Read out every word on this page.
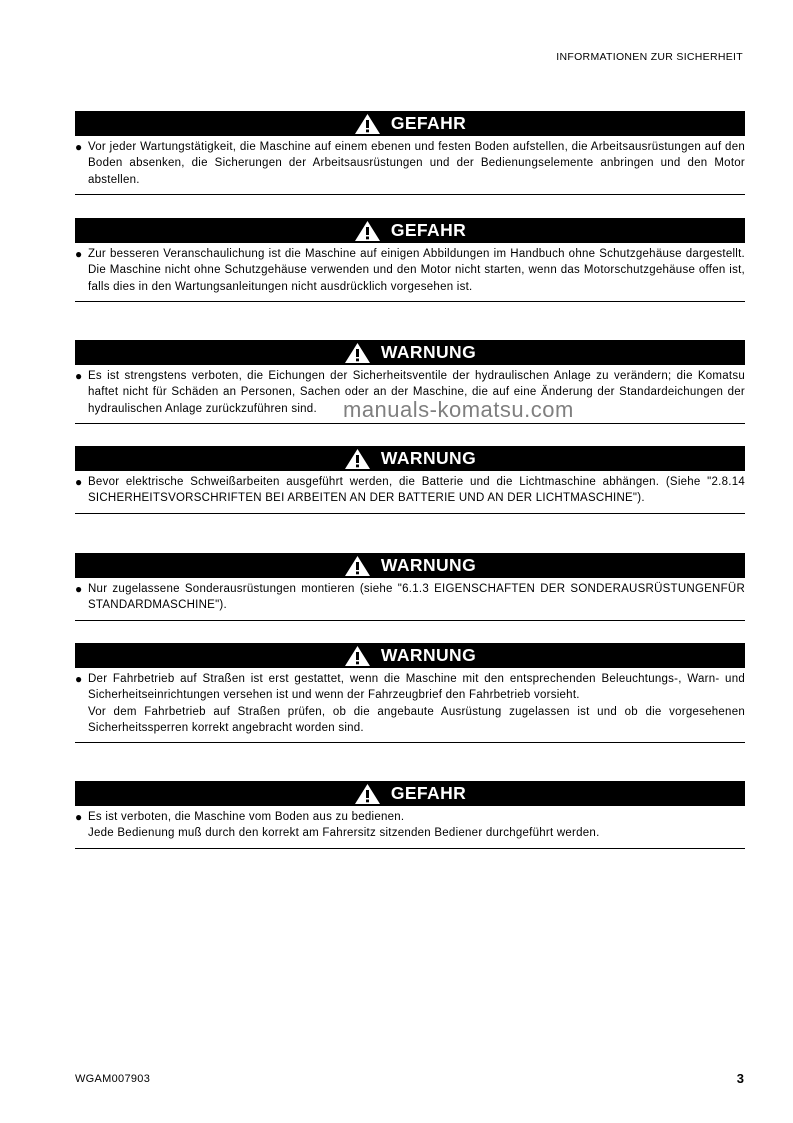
INFORMATIONEN ZUR SICHERHEIT
GEFAHR
● Vor jeder Wartungstätigkeit, die Maschine auf einem ebenen und festen Boden aufstellen, die Arbeitsausrüstungen auf den Boden absenken, die Sicherungen der Arbeitsausrüstungen und der Bedienungselemente anbringen und den Motor abstellen.

GEFAHR
● Zur besseren Veranschaulichung ist die Maschine auf einigen Abbildungen im Handbuch ohne Schutzgehäuse dargestellt. Die Maschine nicht ohne Schutzgehäuse verwenden und den Motor nicht starten, wenn das Motorschutzgehäuse offen ist, falls dies in den Wartungsanleitungen nicht ausdrücklich vorgesehen ist.

WARNUNG
● Es ist strengstens verboten, die Eichungen der Sicherheitsventile der hydraulischen Anlage zu verändern; die Komatsu haftet nicht für Schäden an Personen, Sachen oder an der Maschine, die auf eine Änderung der Standardeichungen der hydraulischen Anlage zurückzuführen sind.

WARNUNG
● Bevor elektrische Schweißarbeiten ausgeführt werden, die Batterie und die Lichtmaschine abhängen. (Siehe "2.8.14 SICHERHEITSVORSCHRIFTEN BEI ARBEITEN AN DER BATTERIE UND AN DER LICHTMASCHINE").

WARNUNG
● Nur zugelassene Sonderausrüstungen montieren (siehe "6.1.3 EIGENSCHAFTEN DER SONDERAUSRÜSTUNGENFÜR STANDARDMASCHINE").

WARNUNG
● Der Fahrbetrieb auf Straßen ist erst gestattet, wenn die Maschine mit den entsprechenden Beleuchtungs-, Warn- und Sicherheitseinrichtungen versehen ist und wenn der Fahrzeugbrief den Fahrbetrieb vorsieht.

Vor dem Fahrbetrieb auf Straßen prüfen, ob die angebaute Ausrüstung zugelassen ist und ob die vorgesehenen Sicherheitssperren korrekt angebracht worden sind.

GEFAHR
● Es ist verboten, die Maschine vom Boden aus zu bedienen.

Jede Bedienung muß durch den korrekt am Fahrersitz sitzenden Bediener durchgeführt werden.

manuals-komatsu.com
WGAM007903	3
